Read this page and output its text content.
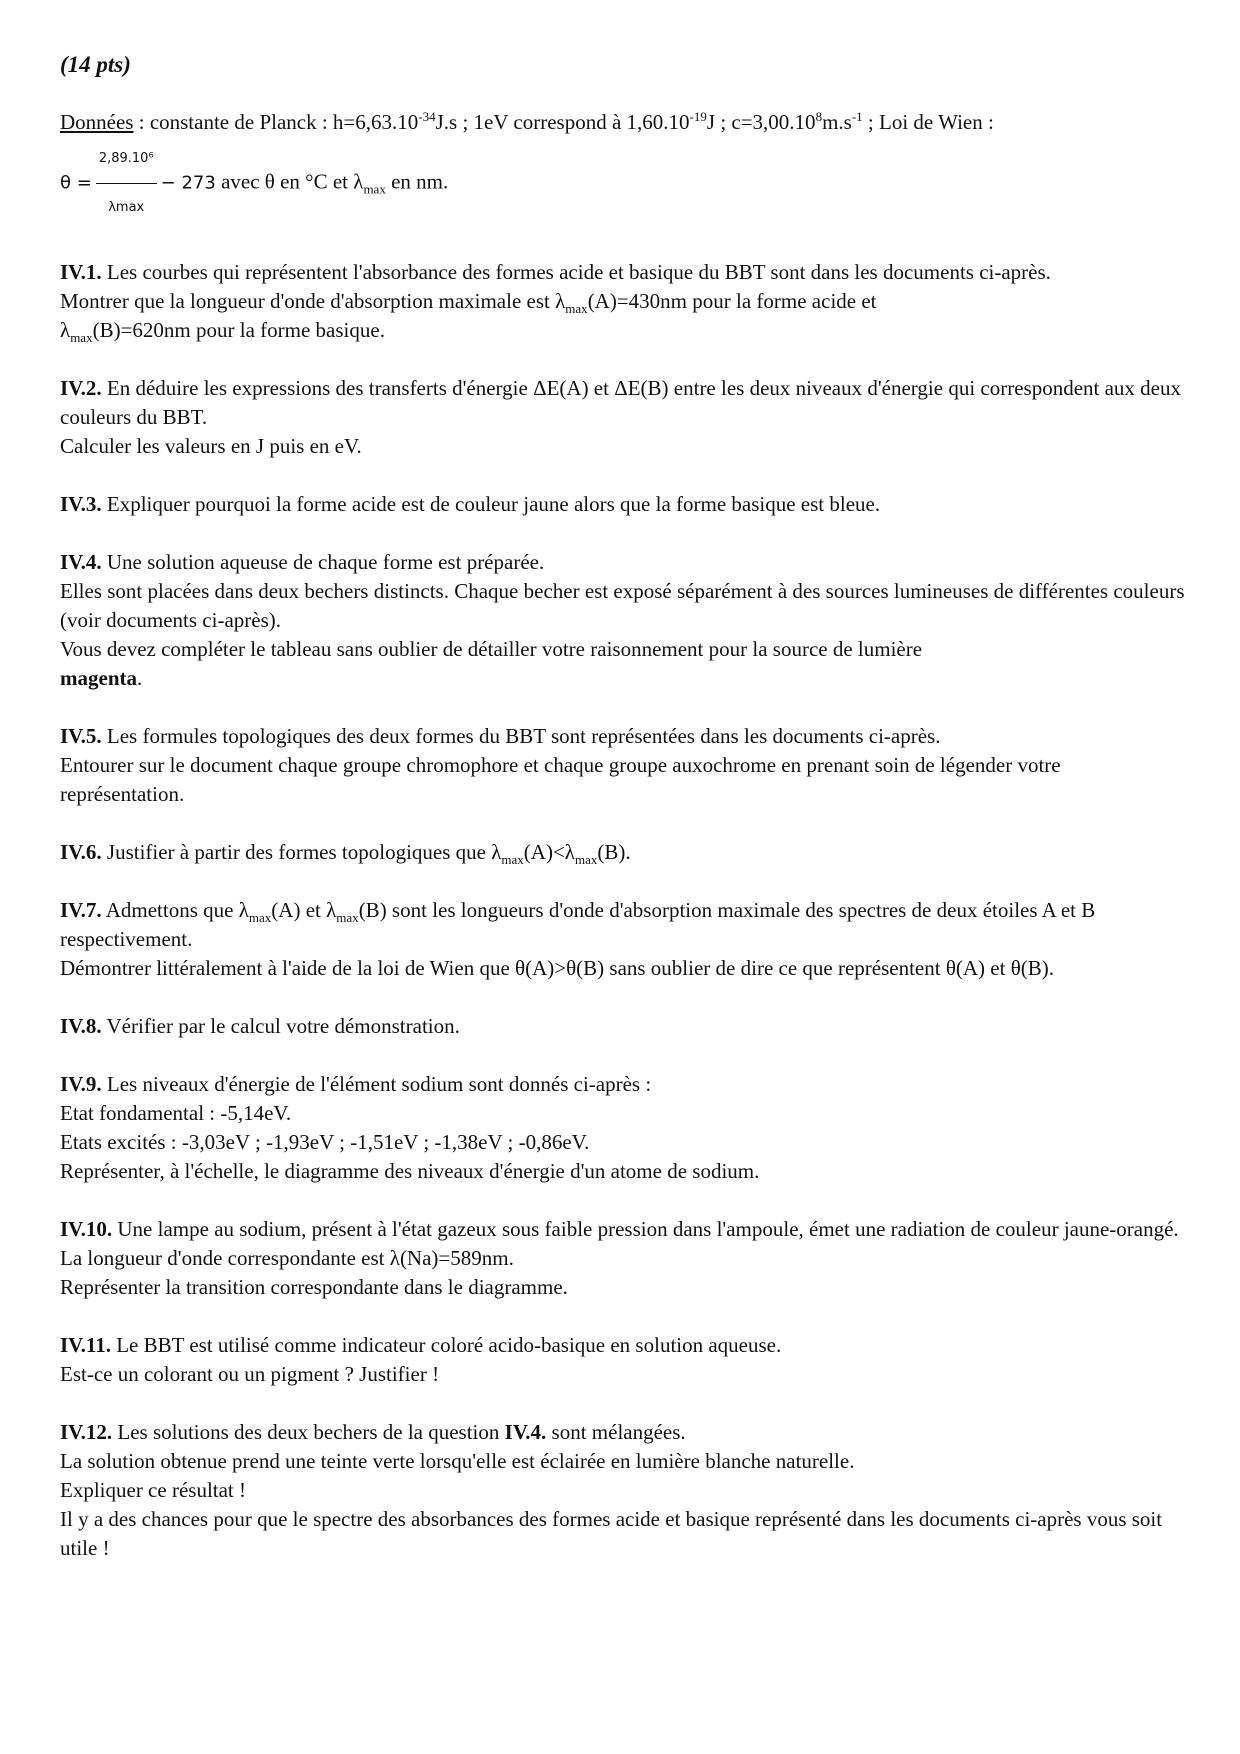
(14 pts)

Données : constante de Planck : $h=6,63.10^{-34}J.s$ ; 1eV correspond à $1,60.10^{-19}J$ ; $c=3,00.10^8m.s^{-1}$ ; Loi de Wien :

$\theta = \frac{\text{2,89.10⁶}}{\lambda\max} - 273$ avec θ en °C et $\lambda_{max}$ en nm.

IV.1. Les courbes qui représentent l'absorbance des formes acide et basique du BBT sont dans les documents ci-après.

Montrer que la longueur d'onde d'absorption maximale est $\lambda_{max}(A)=430nm$ pour la forme acide et

$\lambda_{max}(B)=620nm$ pour la forme basique.

IV.2. En déduire les expressions des transferts d'énergie ΔE(A) et ΔE(B) entre les deux niveaux d'énergie qui correspondent aux deux couleurs du BBT.

Calculer les valeurs en J puis en eV.

IV.3. Expliquer pourquoi la forme acide est de couleur jaune alors que la forme basique est bleue.

IV.4. Une solution aqueuse de chaque forme est préparée.

Elles sont placées dans deux bechers distincts. Chaque becher est exposé séparément à des sources lumineuses de différentes couleurs (voir documents ci-après).

Vous devez compléter le tableau sans oublier de détailler votre raisonnement pour la source de lumière
magenta.

IV.5. Les formules topologiques des deux formes du BBT sont représentées dans les documents ci-après.

Entourer sur le document chaque groupe chromophore et chaque groupe auxochrome en prenant soin de légender votre représentation.

IV.6. Justifier à partir des formes topologiques que $\lambda_{max}(A)<\lambda_{max}(B)$.

IV.7. Admettons que $\lambda_{max}(A)$ et $\lambda_{max}(B)$ sont les longueurs d'onde d'absorption maximale des spectres de deux étoiles A et B respectivement.

Démontrer littéralement à l'aide de la loi de Wien que θ(A)>θ(B) sans oublier de dire ce que représentent θ(A) et θ(B).

IV.8. Vérifier par le calcul votre démonstration.

IV.9. Les niveaux d'énergie de l'élément sodium sont donnés ci-après :

Etat fondamental : -5,14eV.

Etats excités : -3,03eV ; -1,93eV ; -1,51eV ; -1,38eV ; -0,86eV.

Représenter, à l'échelle, le diagramme des niveaux d'énergie d'un atome de sodium.

IV.10. Une lampe au sodium, présent à l'état gazeux sous faible pression dans l'ampoule, émet une radiation de couleur jaune-orangé.

La longueur d'onde correspondante est λ(Na)=589nm.

Représenter la transition correspondante dans le diagramme.

IV.11. Le BBT est utilisé comme indicateur coloré acido-basique en solution aqueuse.

Est-ce un colorant ou un pigment ? Justifier !

IV.12. Les solutions des deux bechers de la question IV.4. sont mélangées.

La solution obtenue prend une teinte verte lorsqu'elle est éclairée en lumière blanche naturelle.

Expliquer ce résultat !

Il y a des chances pour que le spectre des absorbances des formes acide et basique représenté dans les documents ci-après vous soit utile !
